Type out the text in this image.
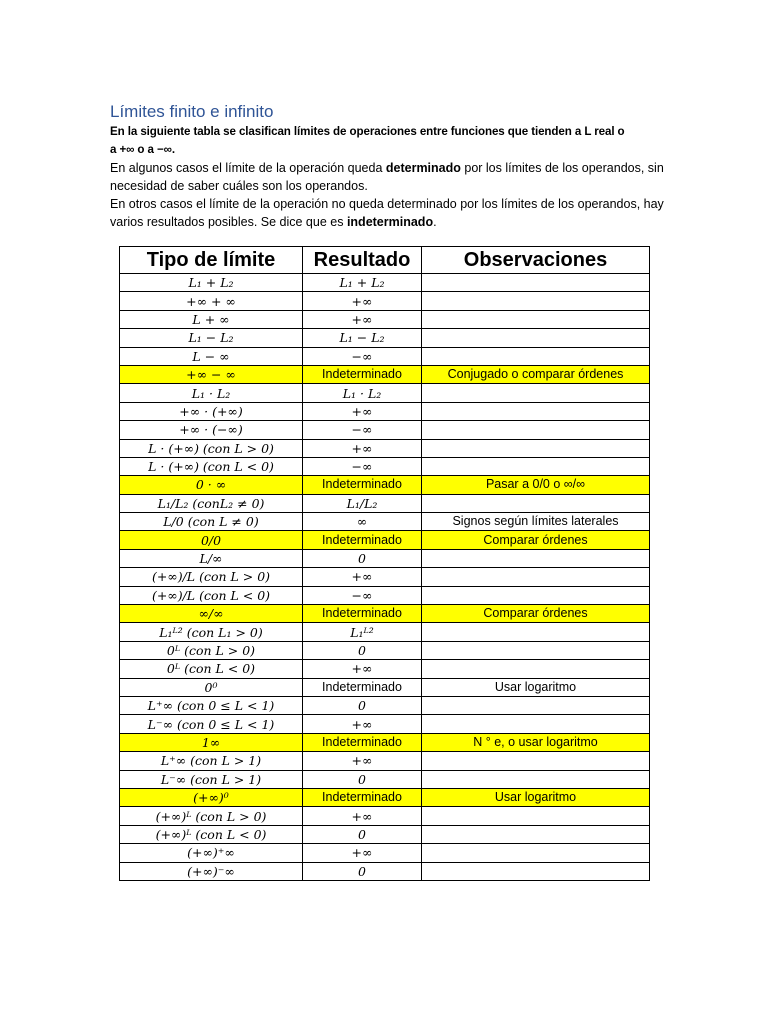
Límites finito e infinito
En la siguiente tabla se clasifican límites de operaciones entre funciones que tienden a L real o
a +∞ o a −∞.
En algunos casos el límite de la operación queda determinado por los límites de los operandos, sin necesidad de saber cuáles son los operandos.
En otros casos el límite de la operación no queda determinado por los límites de los operandos, hay varios resultados posibles. Se dice que es indeterminado.
Tipo de límite	Resultado	Observaciones
L₁ + L₂	L₁ + L₂	
+∞ + ∞	+∞	
L + ∞	+∞	
L₁ − L₂	L₁ − L₂	
L − ∞	−∞	
+∞ − ∞	Indeterminado	Conjugado o comparar órdenes
L₁ · L₂	L₁ · L₂	
+∞ · (+∞)	+∞	
+∞ · (−∞)	−∞	
L · (+∞) (con L > 0)	+∞	
L · (+∞) (con L < 0)	−∞	
0 · ∞	Indeterminado	Pasar a 0/0 o ∞/∞
L₁/L₂ (conL₂ ≠ 0)	L₁/L₂	
L/0 (con L ≠ 0)	∞	Signos según límites laterales
0/0	Indeterminado	Comparar órdenes
L/∞	0	
(+∞)/L (con L > 0)	+∞	
(+∞)/L (con L < 0)	−∞	
∞/∞	Indeterminado	Comparar órdenes
L₁ᴸ² (con L₁ > 0)	L₁ᴸ²	
0ᴸ (con L > 0)	0	
0ᴸ (con L < 0)	+∞	
0⁰	Indeterminado	Usar logaritmo
L⁺∞ (con 0 ≤ L < 1)	0	
L⁻∞ (con 0 ≤ L < 1)	+∞	
1∞	Indeterminado	N ° e, o usar logaritmo
L⁺∞ (con L > 1)	+∞	
L⁻∞ (con L > 1)	0	
(+∞)⁰	Indeterminado	Usar logaritmo
(+∞)ᴸ (con L > 0)	+∞	
(+∞)ᴸ (con L < 0)	0	
(+∞)⁺∞	+∞	
(+∞)⁻∞	0	
